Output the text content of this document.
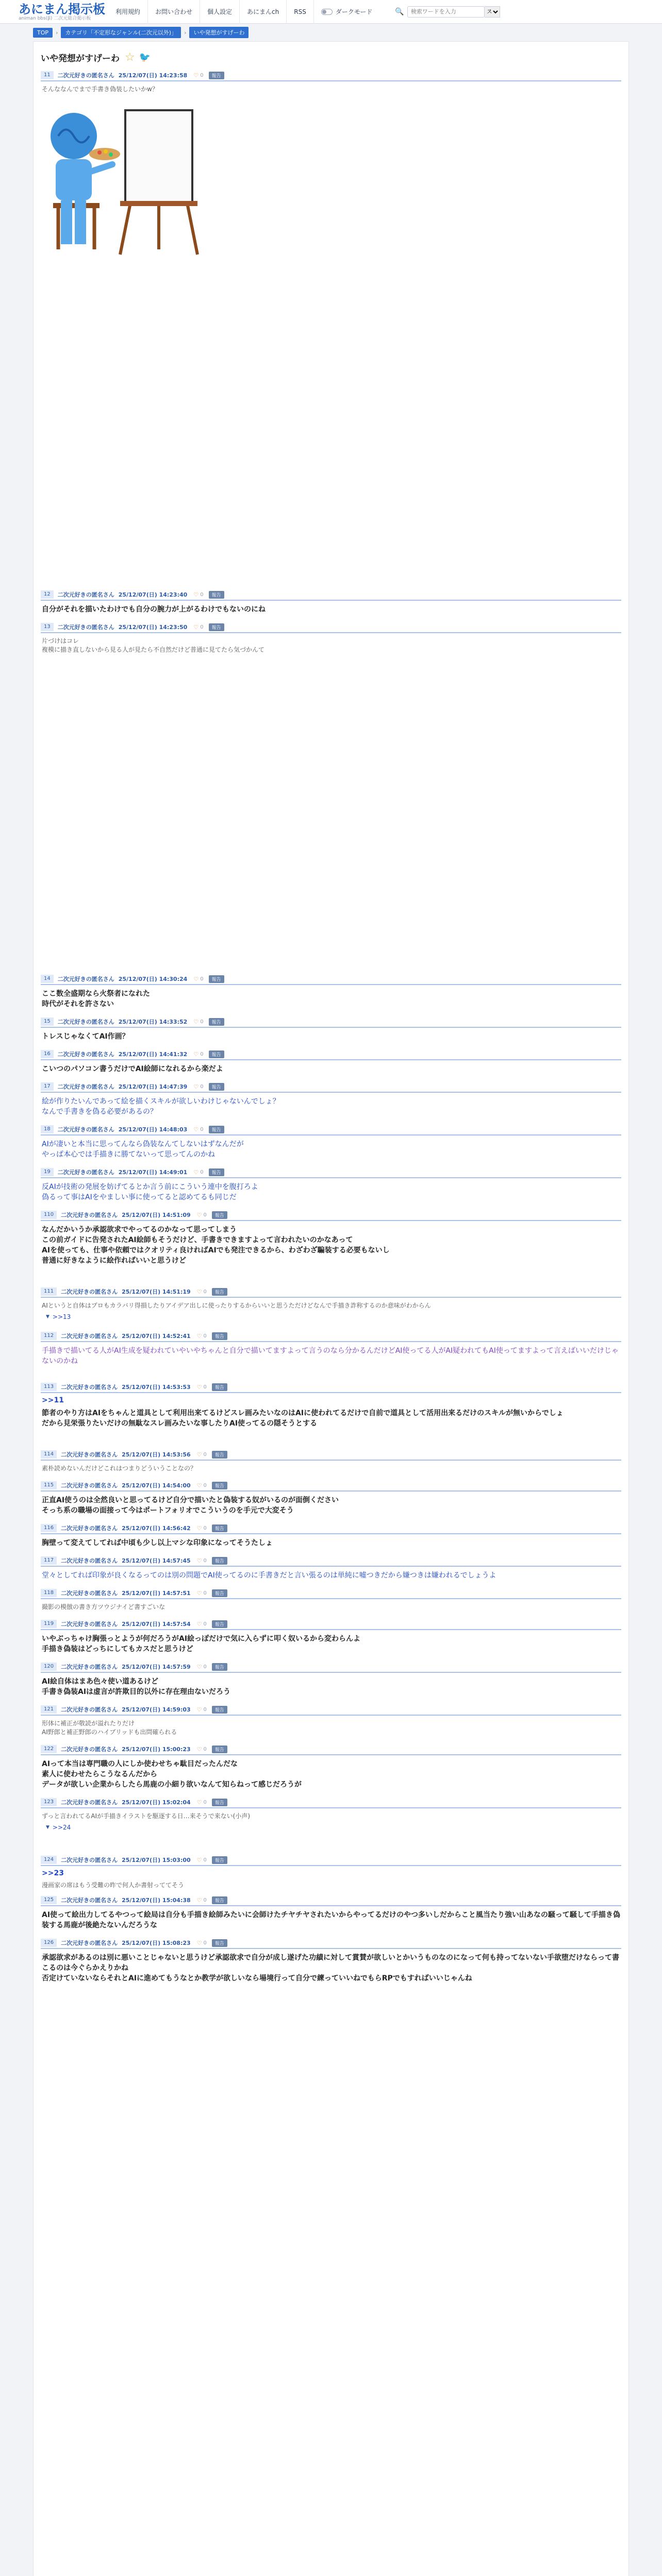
あにまん掲示板
animan bbs(β) 二次元総合掲示板
利用規約	お問い合わせ	個人設定	あにまんch	RSS	ダークモード	🔍
検索ワードを入力
スレ
TOP	›	カテゴリ「不定形なジャンル(二次元以外)」	›	いや発想がすげーわ
いや発想がすげーわ ☆ 🐦
11	二次元好きの匿名さん 25/12/07(日) 14:23:58 ♡ 0	報告
そんななんでまで手書き偽装したいかw？
12	二次元好きの匿名さん 25/12/07(日) 14:23:40 ♡ 0	報告
自分がそれを描いたわけでも自分の腕力が上がるわけでもないのにね
13	二次元好きの匿名さん 25/12/07(日) 14:23:50 ♡ 0	報告
片づけはコレ
複模に描き直しないから見る人が見たら不自然だけど普通に見てたら気づかんて
14	二次元好きの匿名さん 25/12/07(日) 14:30:24 ♡ 0	報告
ここ数全盛期なら火祭者になれた
時代がそれを許さない
15	二次元好きの匿名さん 25/12/07(日) 14:33:52 ♡ 0	報告
トレスじゃなくてAI作画？
16	二次元好きの匿名さん 25/12/07(日) 14:41:32 ♡ 0	報告
こいつのパソコン書うだけでAI絵師になれるから楽だよ
17	二次元好きの匿名さん 25/12/07(日) 14:47:39 ♡ 0	報告
絵が作りたいんであって絵を描くスキルが欲しいわけじゃないんでしょ？
なんで手書きを偽る必要があるの？
18	二次元好きの匿名さん 25/12/07(日) 14:48:03 ♡ 0	報告
AIが凄いと本当に思ってんなら偽装なんてしないはずなんだが
やっぱ本心では手描きに勝てないって思ってんのかね
19	二次元好きの匿名さん 25/12/07(日) 14:49:01 ♡ 0	報告
反AIが技術の発展を妨げてるとか言う前にこういう連中を腹打ろよ
偽るって事はAIをやましい事に使ってると認めてるも同じだ
110	二次元好きの匿名さん 25/12/07(日) 14:51:09 ♡ 0	報告
なんだかいうか承認欲求でやってるのかなって思ってしまう
この前ガイドに告発されたAI絵師もそうだけど、手書きできますよって言われたいのかなあって
AIを使っても、仕事や依頼ではクオリティ良ければAIでも発注できるから、わざわざ騙装する必要もないし
普通に好きなように絵作ればいいと思うけど
111	二次元好きの匿名さん 25/12/07(日) 14:51:19 ♡ 0	報告
AIというと自体はプロもカラバリ得損したりアイデア出しに使ったりするからいいと思うただけどなんで手描き詐称するのか意味がわからん
▼ >>13
112	二次元好きの匿名さん 25/12/07(日) 14:52:41 ♡ 0	報告
手描きで描いてる人がAI生成を疑われていやいやちゃんと自分で描いてますよって言うのなら分かるんだけどAI使ってる人がAI疑われてもAI使ってますよって言えばいいだけじゃないのかね
113	二次元好きの匿名さん 25/12/07(日) 14:53:53 ♡ 0	報告
>>11
節者のやり方はAIをちゃんと道具として利用出来てるけどスレ画みたいなのはAIに使われてるだけで自前で道具として活用出来るだけのスキルが無いからでしょ
だから見栄張りたいだけの無駄なスレ画みたいな事したりAI使ってるの隠そうとする
114	二次元好きの匿名さん 25/12/07(日) 14:53:56 ♡ 0	報告
素朴読めないんだけどこれはつまりどういうことなの？
115	二次元好きの匿名さん 25/12/07(日) 14:54:00 ♡ 0	報告
正直AI使うのは全然良いと思ってるけど自分で描いたと偽装する奴がいるのが面倒ください
そっち系の職場の面接って今はポートフォリオでこういうのを手元で大変そう
116	二次元好きの匿名さん 25/12/07(日) 14:56:42 ♡ 0	報告
胸壁って変えてしてれば中頃も少し以上マシな印象になってそうたしょ
117	二次元好きの匿名さん 25/12/07(日) 14:57:45 ♡ 0	報告
堂々としてれば印象が良くなるってのは別の問題でAI使ってるのに手書きだと言い張るのは単純に嘘つきだから嫌つきは嫌われるでしょうよ
118	二次元好きの匿名さん 25/12/07(日) 14:57:51 ♡ 0	報告
撮影の模倣の書き方ツウジナイど書すごいな
119	二次元好きの匿名さん 25/12/07(日) 14:57:54 ♡ 0	報告
いやぶっちゃけ胸張っとようが何だろうがAI絵っぽだけで気に入らずに叩く奴いるから変わらんよ
手描き偽装はどっちにしてもカスだと思うけど
120	二次元好きの匿名さん 25/12/07(日) 14:57:59 ♡ 0	報告
AI絵自体はまあ色々使い道あるけど
手書き偽装AIは虚言が許欺目的以外に存在理由ないだろう
121	二次元好きの匿名さん 25/12/07(日) 14:59:03 ♡ 0	報告
形体に補正が敬読が溢れたりだけ
AI野郎と補正野郎のハイブリッドも出問確られる
122	二次元好きの匿名さん 25/12/07(日) 15:00:23 ♡ 0	報告
AIって本当は専門職の人にしか使わせちゃ駄目だったんだな
素人に使わせたらこうなるんだから
データが欲しい企業からしたら馬鹿の小細り欲いなんて知らねって感じだろうが
123	二次元好きの匿名さん 25/12/07(日) 15:02:04 ♡ 0	報告
ずっと言われてるAIが手描きイラストを駆逐する日…来そうで来ない(小声)
▼ >>24
124	二次元好きの匿名さん 25/12/07(日) 15:03:00 ♡ 0	報告
>>23
漫画家の席はもう受難の昨で何人か書射っててそう
125	二次元好きの匿名さん 25/12/07(日) 15:04:38 ♡ 0	報告
AI使って絵出力してるやつって絵局は自分も手描き絵師みたいに会師けたチヤチヤされたいからやってるだけのやつ多いしだからこと風当たり強い山あなの騒って騒して手描き偽装する馬鹿が後絶たないんだろうな
126	二次元好きの匿名さん 25/12/07(日) 15:08:23 ♡ 0	報告
承認欲求があるのは別に悪いことじゃないと思うけど承認欲求で自分が成し遂げた功績に対して賞賛が欲しいとかいうものなのになって何も持ってないない手欲堕だけならって書こるのは今ぐらかえりかね
否定けていないならそれとAIに進めてもうなとか教学が欲しいなら場境行って自分で練っていいねでもらRPでもすればいいじゃんね
